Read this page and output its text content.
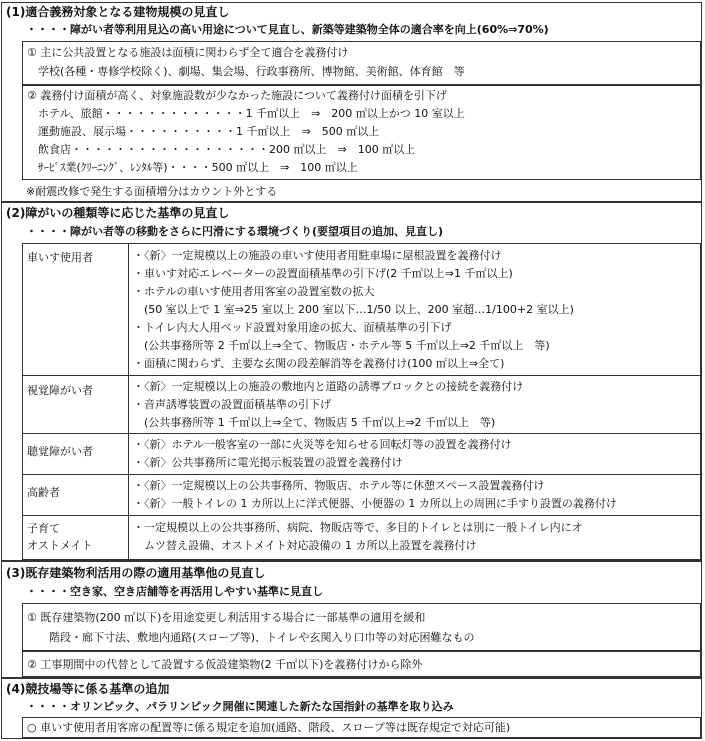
(1)適合義務対象となる建物規模の見直し
・・・・障がい者等利用見込の高い用途について見直し、新築等建築物全体の適合率を向上(60%⇒70%)
① 主に公共設置となる施設は面積に関わらず全て適合を義務付け
　学校(各種・専修学校除く)、劇場、集会場、行政事務所、博物館、美術館、体育館　等
② 義務付け面積が高く、対象施設数が少なかった施設について義務付け面積を引下げ
　ホテル、旅館・・・・・・・・・・・・・1 千㎡以上　⇒　200 ㎡以上かつ 10 室以上
　運動施設、展示場・・・・・・・・・・1 千㎡以上　⇒　500 ㎡以上
　飲食店・・・・・・・・・・・・・・・・・・200 ㎡以上　⇒　100 ㎡以上
　ｻｰﾋﾞｽ業(ｸﾘｰﾆﾝｸﾞ、ﾚﾝﾀﾙ等)・・・・500 ㎡以上　⇒　100 ㎡以上
※耐震改修で発生する面積増分はカウント外とする
(2)障がいの種類等に応じた基準の見直し
・・・・障がい者等の移動をさらに円滑にする環境づくり(要望項目の追加、見直し)
車いす使用者	・〈新〉一定規模以上の施設の車いす使用者用駐車場に屋根設置を義務付け
・車いす対応エレベーターの設置面積基準の引下げ(2 千㎡以上⇒1 千㎡以上)
・ホテルの車いす使用者用客室の設置室数の拡大
　(50 室以上で 1 室⇒25 室以上 200 室以下…1/50 以上、200 室超…1/100+2 室以上)
・トイレ内大人用ベッド設置対象用途の拡大、面積基準の引下げ
　(公共事務所等 2 千㎡以上⇒全て、物販店・ホテル等 5 千㎡以上⇒2 千㎡以上　等)
・面積に関わらず、主要な玄関の段差解消等を義務付け(100 ㎡以上⇒全て)
視覚障がい者	・〈新〉一定規模以上の施設の敷地内と道路の誘導ブロックとの接続を義務付け
・音声誘導装置の設置面積基準の引下げ
　(公共事務所等 1 千㎡以上⇒全て、物販店 5 千㎡以上⇒2 千㎡以上　等)
聴覚障がい者
・〈新〉ホテル一般客室の一部に火災等を知らせる回転灯等の設置を義務付け
・〈新〉公共事務所に電光掲示板装置の設置を義務付け
高齢者
・〈新〉一定規模以上の公共事務所、物販店、ホテル等に休憩スペース設置義務付け
・〈新〉一般トイレの 1 カ所以上に洋式便器、小便器の 1 カ所以上の周囲に手すり設置の義務付け
子育て
オストメイト
・一定規模以上の公共事務所、病院、物販店等で、多目的トイレとは別に一般トイレ内にオ
　ムツ替え設備、オストメイト対応設備の 1 カ所以上設置を義務付け
(3)既存建築物利活用の際の適用基準他の見直し
・・・・空き家、空き店舗等を再活用しやすい基準に見直し
① 既存建築物(200 ㎡以下)を用途変更し利活用する場合に一部基準の適用を緩和
　　階段・廊下寸法、敷地内通路(スロープ等)、トイレや玄関入り口巾等の対応困難なもの
② 工事期間中の代替として設置する仮設建築物(2 千㎡以下)を義務付けから除外
(4)競技場等に係る基準の追加
・・・・オリンピック、パラリンピック開催に関連した新たな国指針の基準を取り込み
○ 車いす使用者用客席の配置等に係る規定を追加(通路、階段、スロープ等は既存規定で対応可能)
